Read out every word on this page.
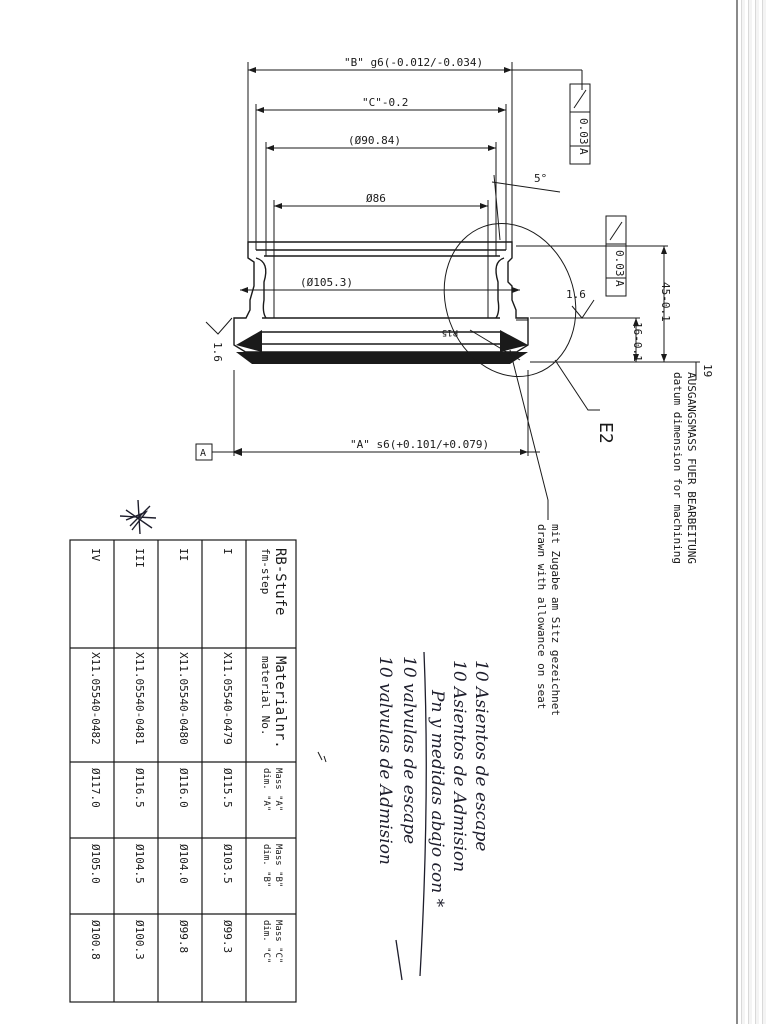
"B" g6(-0.012/-0.034)
"C"-0.2
(Ø90.84)
5°
Ø86
(Ø105.3)
R15
"A" s6(+0.101/+0.079)
A
1.6
1.6
0.03
A
0.03
A	45-0.1
16-0.1
19
E2	AUSGANGSMASS FUER BEARBEITUNG
datum dimension for machining
mit Zugabe am Sitz gezeichnet
drawn with allowance on seat
10 Asientos de escape
10 Asientos de Admision
Pn y medidas abajo con *
10 valvulas de escape
10 valvulas de Admision
RB-Stufe
fm-step
Materialnr.
material No.
Mass "A"
dim. "A"
Mass "B"
dim. "B"
Mass "C"
dim. "C"
I
X11.05540-0479
Ø115.5
Ø103.5
Ø99.3
II
X11.05540-0480
Ø116.0
Ø104.0
Ø99.8
III
X11.05540-0481
Ø116.5
Ø104.5
Ø100.3
IV
X11.05540-0482
Ø117.0
Ø105.0
Ø100.8
